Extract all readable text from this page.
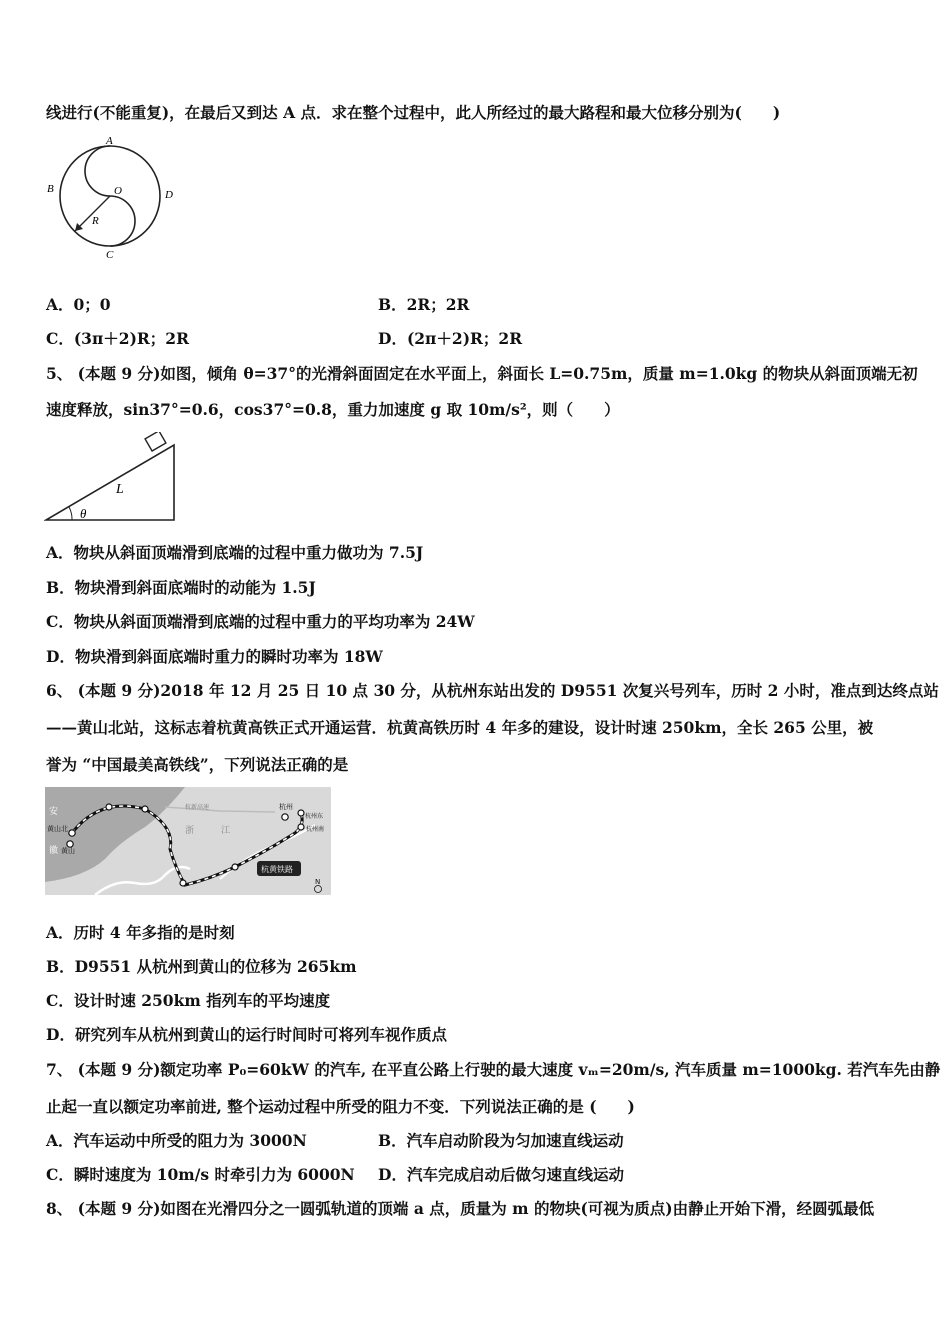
线进行(不能重复)，在最后又到达 A 点．求在整个过程中，此人所经过的最大路程和最大位移分别为(　　)
A
B	O	D
R
C
A．0；0	B．2R；2R
C．(3π＋2)R；2R	D．(2π＋2)R；2R
5、 (本题 9 分)如图，倾角 θ=37°的光滑斜面固定在水平面上，斜面长 L=0.75m，质量 m=1.0kg 的物块从斜面顶端无初
速度释放，sin37°=0.6，cos37°=0.8，重力加速度 g 取 10m/s²，则（　　）
L
θ
A．物块从斜面顶端滑到底端的过程中重力做功为 7.5J
B．物块滑到斜面底端时的动能为 1.5J
C．物块从斜面顶端滑到底端的过程中重力的平均功率为 24W
D．物块滑到斜面底端时重力的瞬时功率为 18W
6、 (本题 9 分)2018 年 12 月 25 日 10 点 30 分，从杭州东站出发的 D9551 次复兴号列车，历时 2 小时，准点到达终点站
——黄山北站，这标志着杭黄高铁正式开通运营．杭黄高铁历时 4 年多的建设，设计时速 250km，全长 265 公里，被
誉为 “中国最美高铁线”，下列说法正确的是
安
徽
黄山北
黄山
杭新高速
浙	江
杭州
杭州东
杭州南
杭黄铁路
N
A．历时 4 年多指的是时刻
B．D9551 从杭州到黄山的位移为 265km
C．设计时速 250km 指列车的平均速度
D．研究列车从杭州到黄山的运行时间时可将列车视作质点
7、 (本题 9 分)额定功率 P₀=60kW 的汽车, 在平直公路上行驶的最大速度 vₘ=20m/s, 汽车质量 m=1000kg. 若汽车先由静
止起一直以额定功率前进, 整个运动过程中所受的阻力不变．下列说法正确的是 (　　)
A．汽车运动中所受的阻力为 3000N	B．汽车启动阶段为匀加速直线运动
C．瞬时速度为 10m/s 时牵引力为 6000N D．汽车完成启动后做匀速直线运动
8、 (本题 9 分)如图在光滑四分之一圆弧轨道的顶端 a 点，质量为 m 的物块(可视为质点)由静止开始下滑，经圆弧最低
